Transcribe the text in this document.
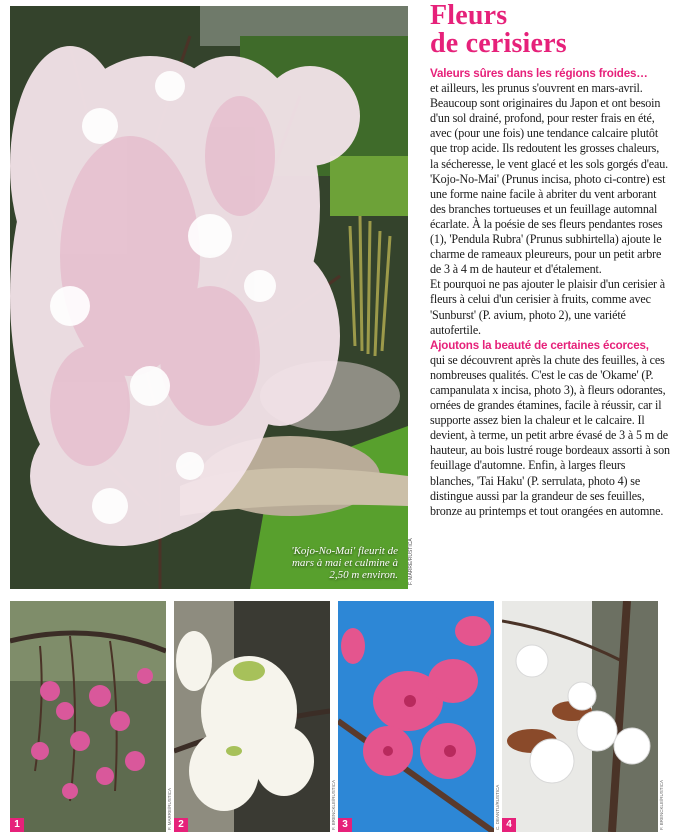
'Kojo-No-Mai' fleurit de mars à mai et culmine à 2,50 m environ. F. MARRE/RUSTICA
Fleurs
de cerisiers

Valeurs sûres dans les régions froides…

et ailleurs, les prunus s'ouvrent en mars-avril. Beaucoup sont originaires du Japon et ont besoin d'un sol drainé, profond, pour rester frais en été, avec (pour une fois) une tendance calcaire plutôt que trop acide. Ils redoutent les grosses chaleurs, la sécheresse, le vent glacé et les sols gorgés d'eau.

'Kojo-No-Mai' (Prunus incisa, photo ci-contre) est une forme naine facile à abriter du vent arborant des branches tortueuses et un feuillage automnal écarlate. À la poésie de ses fleurs pendantes roses (1), 'Pendula Rubra' (Prunus subhirtella) ajoute le charme de rameaux pleureurs, pour un petit arbre de 3 à 4 m de hauteur et d'étalement.

Et pourquoi ne pas ajouter le plaisir d'un cerisier à fleurs à celui d'un cerisier à fruits, comme avec 'Sunburst' (P. avium, photo 2), une variété autofertile.

Ajoutons la beauté de certaines écorces,

qui se découvrent après la chute des feuilles, à ces nombreuses qualités. C'est le cas de 'Okame' (P. campanulata x incisa, photo 3), à fleurs odorantes, ornées de grandes étamines, facile à réussir, car il supporte assez bien la chaleur et le calcaire. Il devient, à terme, un petit arbre évasé de 3 à 5 m de hauteur, au bois lustré rouge bordeaux assorti à son feuillage d'automne. Enfin, à larges fleurs blanches, 'Tai Haku' (P. serrulata, photo 4) se distingue aussi par la grandeur de ses feuilles, bronze au printemps et tout orangées en automne.

1	F. MARRE/RUSTICA 2	F. BRENCKLE/RUSTICA 3	C. DEANTU/RUSTICA 4	F. BRENCKLE/RUSTICA
